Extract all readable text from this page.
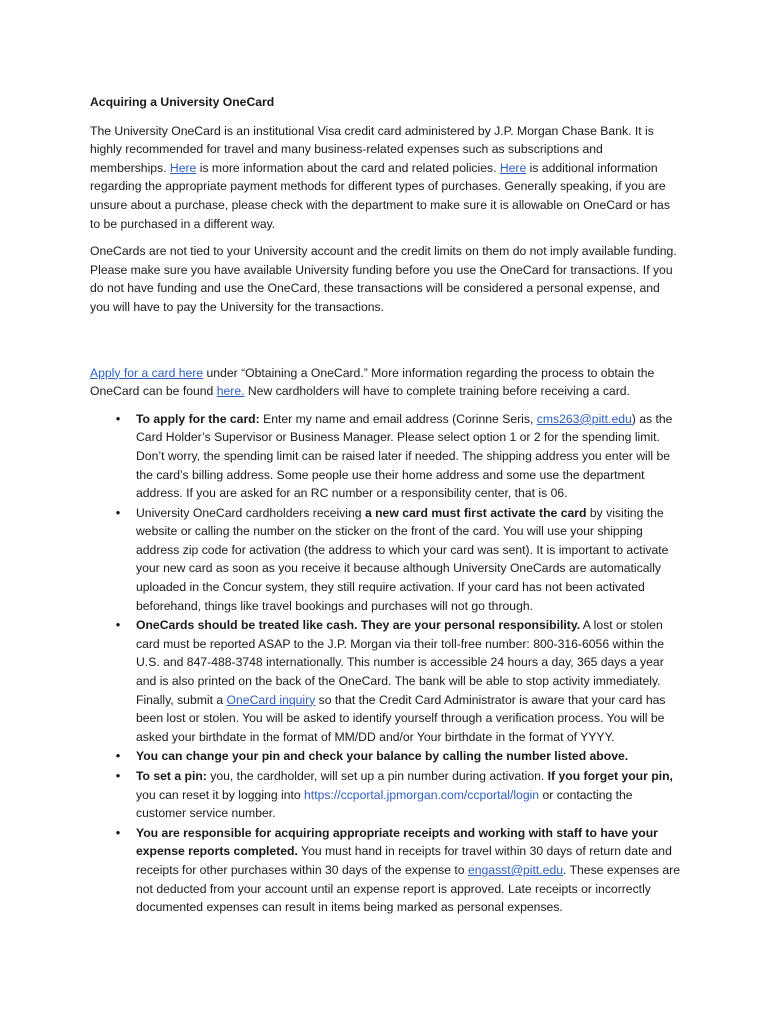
Acquiring a University OneCard

The University OneCard is an institutional Visa credit card administered by J.P. Morgan Chase Bank. It is highly recommended for travel and many business-related expenses such as subscriptions and memberships. Here is more information about the card and related policies. Here is additional information regarding the appropriate payment methods for different types of purchases. Generally speaking, if you are unsure about a purchase, please check with the department to make sure it is allowable on OneCard or has to be purchased in a different way.

OneCards are not tied to your University account and the credit limits on them do not imply available funding. Please make sure you have available University funding before you use the OneCard for transactions. If you do not have funding and use the OneCard, these transactions will be considered a personal expense, and you will have to pay the University for the transactions.

Apply for a card here under “Obtaining a OneCard.” More information regarding the process to obtain the OneCard can be found here. New cardholders will have to complete training before receiving a card.

•	To apply for the card: Enter my name and email address (Corinne Seris, cms263@pitt.edu) as the Card Holder’s Supervisor or Business Manager. Please select option 1 or 2 for the spending limit. Don’t worry, the spending limit can be raised later if needed. The shipping address you enter will be the card’s billing address. Some people use their home address and some use the department address. If you are asked for an RC number or a responsibility center, that is 06.
•	University OneCard cardholders receiving a new card must first activate the card by visiting the website or calling the number on the sticker on the front of the card. You will use your shipping address zip code for activation (the address to which your card was sent). It is important to activate your new card as soon as you receive it because although University OneCards are automatically uploaded in the Concur system, they still require activation. If your card has not been activated beforehand, things like travel bookings and purchases will not go through.
•	OneCards should be treated like cash. They are your personal responsibility. A lost or stolen card must be reported ASAP to the J.P. Morgan via their toll-free number: 800-316-6056 within the U.S. and 847-488-3748 internationally. This number is accessible 24 hours a day, 365 days a year and is also printed on the back of the OneCard. The bank will be able to stop activity immediately. Finally, submit a OneCard inquiry so that the Credit Card Administrator is aware that your card has been lost or stolen. You will be asked to identify yourself through a verification process. You will be asked your birthdate in the format of MM/DD and/or Your birthdate in the format of YYYY.
•	You can change your pin and check your balance by calling the number listed above.
•	To set a pin: you, the cardholder, will set up a pin number during activation. If you forget your pin, you can reset it by logging into https://ccportal.jpmorgan.com/ccportal/login or contacting the customer service number.
•	You are responsible for acquiring appropriate receipts and working with staff to have your expense reports completed. You must hand in receipts for travel within 30 days of return date and receipts for other purchases within 30 days of the expense to engasst@pitt.edu. These expenses are not deducted from your account until an expense report is approved. Late receipts or incorrectly documented expenses can result in items being marked as personal expenses.
